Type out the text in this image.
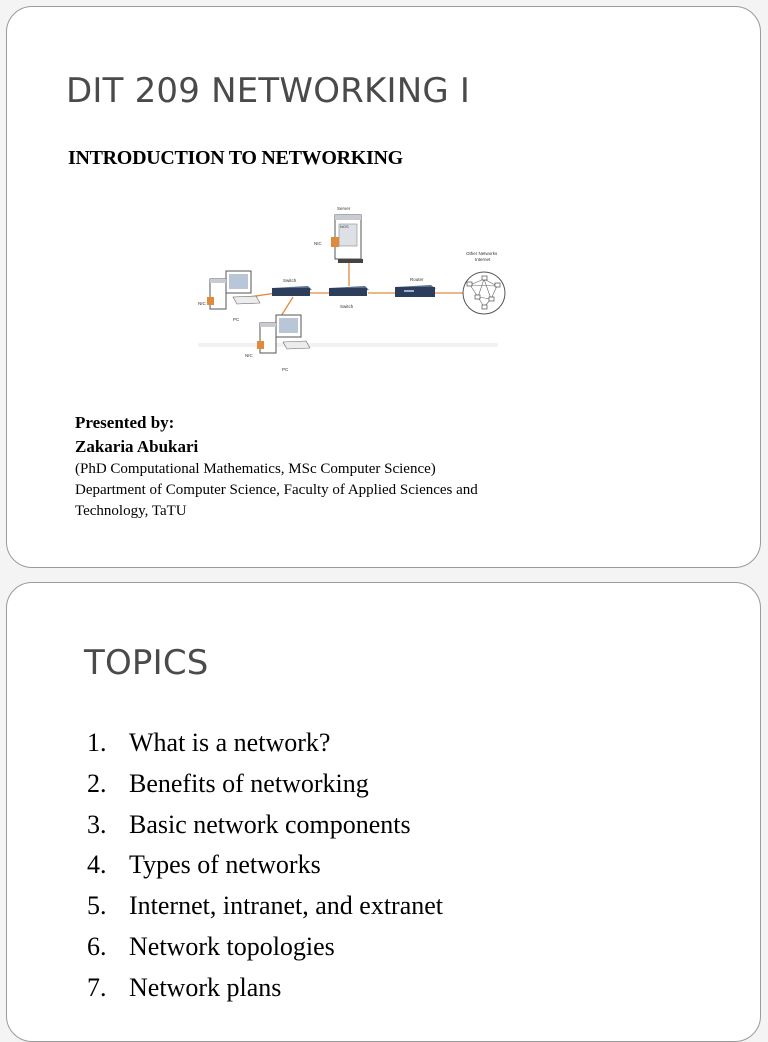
DIT 209 NETWORKING I
INTRODUCTION TO NETWORKING
NOS
Server
NIC
Switch
Switch
Router
Other Networks
Internet
NIC
PC
NIC
PC
Presented by:
Zakaria Abukari
(PhD Computational Mathematics, MSc Computer Science)
Department of Computer Science, Faculty of Applied Sciences and
Technology, TaTU
TOPICS
1. What is a network?
2. Benefits of networking
3. Basic network components
4. Types of networks
5. Internet, intranet, and extranet
6. Network topologies
7. Network plans
